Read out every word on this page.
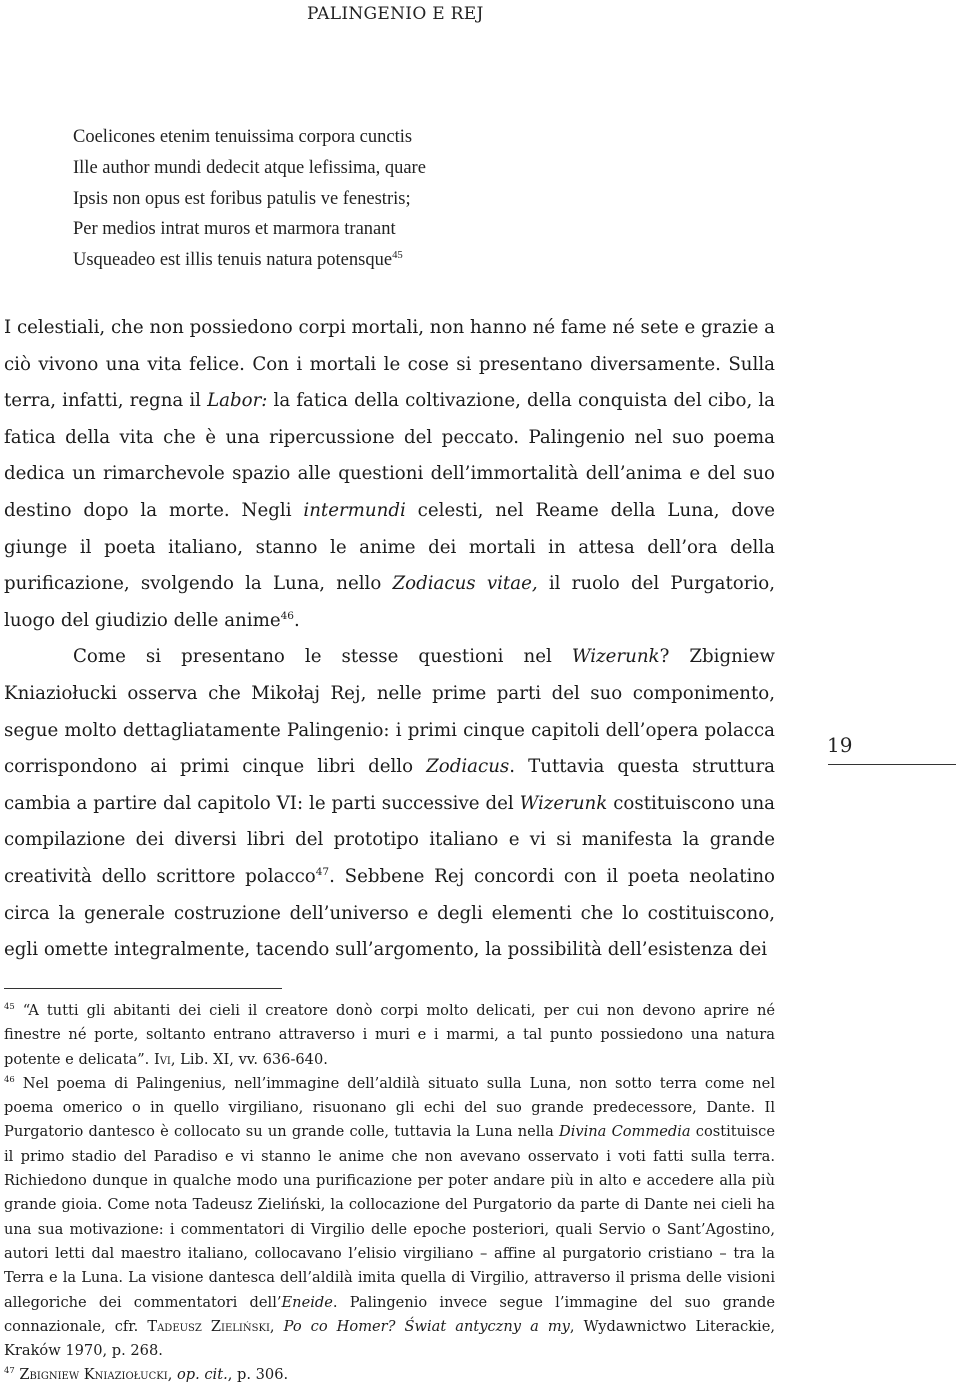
PALINGENIO E REJ
Coelicones etenim tenuissima corpora cunctis
Ille author mundi dedecit atque lefissima, quare
Ipsis non opus est foribus patulis ve fenestris;
Per medios intrat muros et marmora tranant
Usqueadeo est illis tenuis natura potensque$^{45}$

I celestiali, che non possiedono corpi mortali, non hanno né fame né sete e grazie a ciò vivono una vita felice. Con i mortali le cose si presentano diversamente. Sulla terra, infatti, regna il Labor: la fatica della coltivazione, della conquista del cibo, la fatica della vita che è una ripercussione del peccato. Palingenio nel suo poema dedica un rimarchevole spazio alle questioni dell’immortalità dell’anima e del suo destino dopo la morte. Negli intermundi celesti, nel Reame della Luna, dove giunge il poeta italiano, stanno le anime dei mortali in attesa dell’ora della purificazione, svolgendo la Luna, nello Zodiacus vitae, il ruolo del Purgatorio, luogo del giudizio delle anime$^{46}$.

Come si presentano le stesse questioni nel Wizerunk? Zbigniew Kniaziołucki osserva che Mikołaj Rej, nelle prime parti del suo componimento, segue molto dettagliatamente Palingenio: i primi cinque capitoli dell’opera polacca corrispondono ai primi cinque libri dello Zodiacus. Tuttavia questa struttura cambia a partire dal capitolo VI: le parti successive del Wizerunk costituiscono una compilazione dei diversi libri del prototipo italiano e vi si manifesta la grande creatività dello scrittore polacco$^{47}$. Sebbene Rej concordi con il poeta neolatino circa la generale costruzione dell’universo e degli elementi che lo costituiscono, egli omette integralmente, tacendo sull’argomento, la possibilità dell’esistenza dei

19

$^{45}$ “A tutti gli abitanti dei cieli il creatore donò corpi molto delicati, per cui non devono aprire né finestre né porte, soltanto entrano attraverso i muri e i marmi, a tal punto possiedono una natura potente e delicata”. Ivi, Lib. XI, vv. 636-640.

$^{46}$ Nel poema di Palingenius, nell’immagine dell’aldilà situato sulla Luna, non sotto terra come nel poema omerico o in quello virgiliano, risuonano gli echi del suo grande predecessore, Dante. Il Purgatorio dantesco è collocato su un grande colle, tuttavia la Luna nella Divina Commedia costituisce il primo stadio del Paradiso e vi stanno le anime che non avevano osservato i voti fatti sulla terra. Richiedono dunque in qualche modo una purificazione per poter andare più in alto e accedere alla più grande gioia. Come nota Tadeusz Zieliński, la collocazione del Purgatorio da parte di Dante nei cieli ha una sua motivazione: i commentatori di Virgilio delle epoche posteriori, quali Servio o Sant’Agostino, autori letti dal maestro italiano, collocavano l’elisio virgiliano – affine al purgatorio cristiano – tra la Terra e la Luna. La visione dantesca dell’aldilà imita quella di Virgilio, attraverso il prisma delle visioni allegoriche dei commentatori dell’Eneide. Palingenio invece segue l’immagine del suo grande connazionale, cfr. Tadeusz Zieliński, Po co Homer? Świat antyczny a my, Wydawnictwo Literackie, Kraków 1970, p. 268.

$^{47}$ Zbigniew Kniaziołucki, op. cit., p. 306.
